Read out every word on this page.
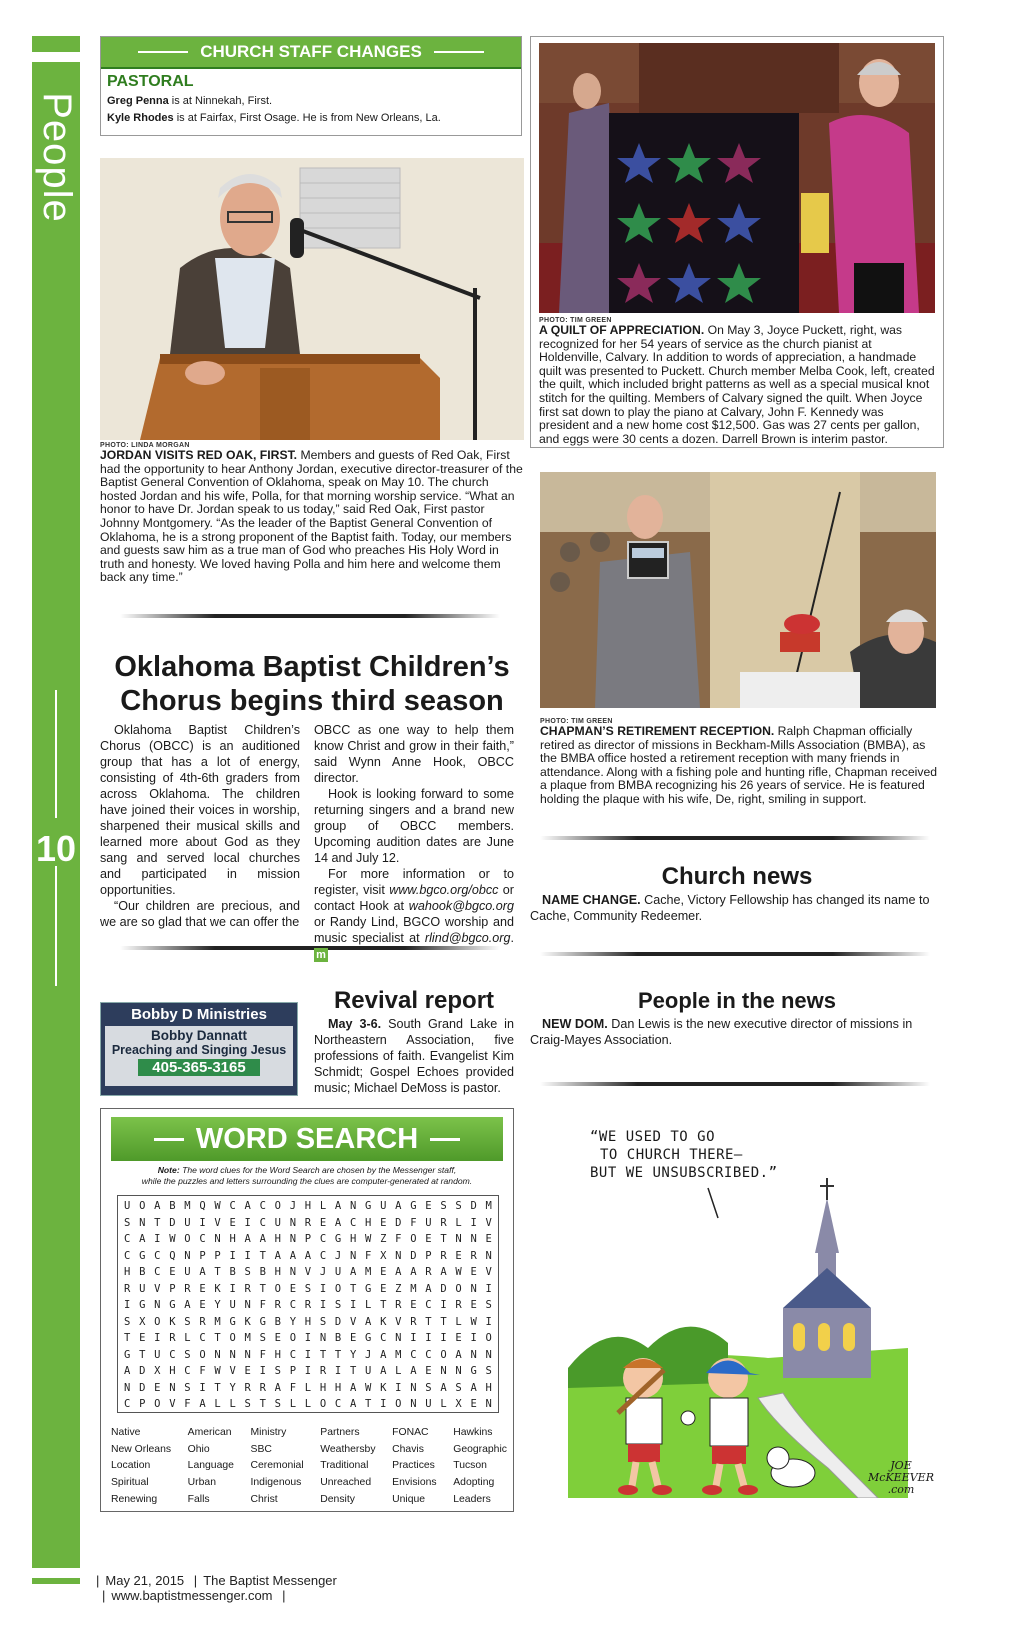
People
10
CHURCH STAFF CHANGES
PASTORAL
Greg Penna is at Ninnekah, First.
Kyle Rhodes is at Fairfax, First Osage. He is from New Orleans, La.
PHOTO: LINDA MORGAN
JORDAN VISITS RED OAK, FIRST. Members and guests of Red Oak, First had the opportunity to hear Anthony Jordan, executive director-treasurer of the Baptist General Convention of Oklahoma, speak on May 10. The church hosted Jordan and his wife, Polla, for that morning worship service. “What an honor to have Dr. Jordan speak to us today,” said Red Oak, First pastor Johnny Montgomery. “As the leader of the Baptist General Convention of Oklahoma, he is a strong proponent of the Baptist faith. Today, our members and guests saw him as a true man of God who preaches His Holy Word in truth and honesty. We loved having Polla and him here and welcome them back any time.”
PHOTO: TIM GREEN
A QUILT OF APPRECIATION. On May 3, Joyce Puckett, right, was recognized for her 54 years of service as the church pianist at Holdenville, Calvary. In addition to words of appreciation, a handmade quilt was presented to Puckett. Church member Melba Cook, left, created the quilt, which included bright patterns as well as a special musical knot stitch for the quilting. Members of Calvary signed the quilt. When Joyce first sat down to play the piano at Calvary, John F. Kennedy was president and a new home cost $12,500. Gas was 27 cents per gallon, and eggs were 30 cents a dozen. Darrell Brown is interim pastor.
PHOTO: TIM GREEN
CHAPMAN’S RETIREMENT RECEPTION. Ralph Chapman officially retired as director of missions in Beckham-Mills Association (BMBA), as the BMBA office hosted a retirement reception with many friends in attendance. Along with a fishing pole and hunting rifle, Chapman received a plaque from BMBA recognizing his 26 years of service. He is featured holding the plaque with his wife, De, right, smiling in support.
Oklahoma Baptist Children’s
Chorus begins third season

Oklahoma Baptist Children’s Chorus (OBCC) is an auditioned group that has a lot of energy, consisting of 4th-6th graders from across Oklahoma. The children have joined their voices in worship, sharpened their musical skills and learned more about God as they sang and served local churches and participated in mission opportunities.

“Our children are precious, and we are so glad that we can offer the

OBCC as one way to help them know Christ and grow in their faith,” said Wynn Anne Hook, OBCC director.

Hook is looking forward to some returning singers and a brand new group of OBCC members. Upcoming audition dates are June 14 and July 12.

For more information or to register, visit www.bgco.org/obcc or contact Hook at wahook@bgco.org or Randy Lind, BGCO worship and music specialist at rlind@bgco.org. m

Church news
NAME CHANGE. Cache, Victory Fellowship has changed its name to Cache, Community Redeemer.
Bobby D Ministries
Bobby Dannatt
Preaching and Singing Jesus
405-365-3165
Revival report
May 3-6. South Grand Lake in Northeastern Association, five professions of faith. Evangelist Kim Schmidt; Gospel Echoes provided music; Michael DeMoss is pastor.
People in the news
NEW DOM. Dan Lewis is the new executive director of missions in Craig-Mayes Association.
WORD SEARCH
Note: The word clues for the Word Search are chosen by the Messenger staff,
while the puzzles and letters surrounding the clues are computer-generated at random.
U O A B M Q W C A C O J H L A N G U A G E S S D M
S N T D U I V E I C U N R E A C H E D F U R L I V
C A I W O C N H A A H N P C G H W Z F O E T N N E
C G C Q N P P I I T A A A C J N F X N D P R E R N
H B C E U A T B S B H N V J U A M E A A R A W E V
R U V P R E K I R T O E S I O T G E Z M A D O N I
I G N G A E Y U N F R C R I S I L T R E C I R E S
S X O K S R M G K G B Y H S D V A K V R T T L W I
T E I R L C T O M S E O I N B E G C N I I I E I O
G T U C S O N N N F H C I T T Y J A M C C O A N N
A D X H C F W V E I S P I R I T U A L A E N N G S
N D E N S I T Y R R A F L H H A W K I N S A S A H
C P O V F A L L S T S L L O C A T I O N U L X E N
Native
New Orleans
Location
Spiritual
Renewing
American
Ohio
Language
Urban
Falls
Ministry
SBC
Ceremonial
Indigenous
Christ
Partners
Weathersby
Traditional
Unreached
Density
FONAC
Chavis
Practices
Envisions
Unique
Hawkins
Geographic
Tucson
Adopting
Leaders
“WE USED TO GO
TO CHURCH THERE—
BUT WE UNSUBSCRIBED.”
JOE McKEEVER
.com
| May 21, 2015 | The Baptist Messenger | www.baptistmessenger.com |
